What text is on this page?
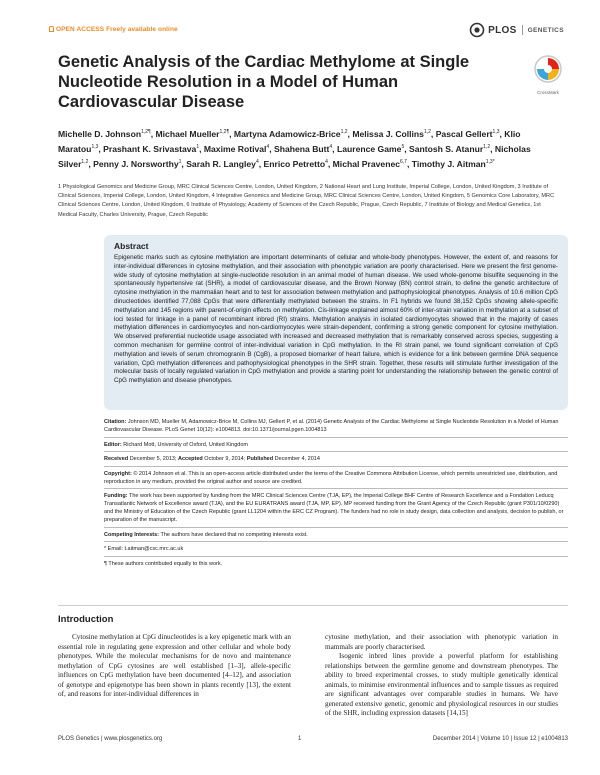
OPEN ACCESS Freely available online	PLOS GENETICS
Genetic Analysis of the Cardiac Methylome at Single Nucleotide Resolution in a Model of Human Cardiovascular Disease
CrossMark
Michelle D. Johnson$^{1,2\P}$, Michael Mueller$^{1,2\P}$, Martyna Adamowicz-Brice$^{1,2}$, Melissa J. Collins$^{1,2}$, Pascal Gellert$^{1,3}$, Klio Maratou$^{1,3}$, Prashant K. Srivastava$^1$, Maxime Rotival$^4$, Shahena Butt$^4$, Laurence Game$^5$, Santosh S. Atanur$^{1,2}$, Nicholas Silver$^{1,2}$, Penny J. Norsworthy$^1$, Sarah R. Langley$^4$, Enrico Petretto$^4$, Michal Pravenec$^{6,7}$, Timothy J. Aitman$^{1,3*}$
1 Physiological Genomics and Medicine Group, MRC Clinical Sciences Centre, London, United Kingdom, 2 National Heart and Lung Institute, Imperial College, London, United Kingdom, 3 Institute of Clinical Sciences, Imperial College, London, United Kingdom, 4 Integrative Genomics and Medicine Group, MRC Clinical Sciences Centre, London, United Kingdom, 5 Genomics Core Laboratory, MRC Clinical Sciences Centre, London, United Kingdom, 6 Institute of Physiology, Academy of Sciences of the Czech Republic, Prague, Czech Republic, 7 Institute of Biology and Medical Genetics, 1st Medical Faculty, Charles University, Prague, Czech Republic
Abstract
Epigenetic marks such as cytosine methylation are important determinants of cellular and whole-body phenotypes. However, the extent of, and reasons for inter-individual differences in cytosine methylation, and their association with phenotypic variation are poorly characterised. Here we present the first genome-wide study of cytosine methylation at single-nucleotide resolution in an animal model of human disease. We used whole-genome bisulfite sequencing in the spontaneously hypertensive rat (SHR), a model of cardiovascular disease, and the Brown Norway (BN) control strain, to define the genetic architecture of cytosine methylation in the mammalian heart and to test for association between methylation and pathophysiological phenotypes. Analysis of 10.6 million CpG dinucleotides identified 77,088 CpGs that were differentially methylated between the strains. In F1 hybrids we found 38,152 CpGs showing allele-specific methylation and 145 regions with parent-of-origin effects on methylation. Cis-linkage explained almost 60% of inter-strain variation in methylation at a subset of loci tested for linkage in a panel of recombinant inbred (RI) strains. Methylation analysis in isolated cardiomyocytes showed that in the majority of cases methylation differences in cardiomyocytes and non-cardiomyocytes were strain-dependent, confirming a strong genetic component for cytosine methylation. We observed preferential nucleotide usage associated with increased and decreased methylation that is remarkably conserved across species, suggesting a common mechanism for germline control of inter-individual variation in CpG methylation. In the RI strain panel, we found significant correlation of CpG methylation and levels of serum chromogranin B (CgB), a proposed biomarker of heart failure, which is evidence for a link between germline DNA sequence variation, CpG methylation differences and pathophysiological phenotypes in the SHR strain. Together, these results will stimulate further investigation of the molecular basis of locally regulated variation in CpG methylation and provide a starting point for understanding the relationship between the genetic control of CpG methylation and disease phenotypes.

Citation: Johnson MD, Mueller M, Adamowicz-Brice M, Collins MJ, Gellert P, et al. (2014) Genetic Analysis of the Cardiac Methylome at Single Nucleotide Resolution in a Model of Human Cardiovascular Disease. PLoS Genet 10(12): e1004813. doi:10.1371/journal.pgen.1004813

Editor: Richard Mott, University of Oxford, United Kingdom

Received December 5, 2013; Accepted October 9, 2014; Published December 4, 2014

Copyright: © 2014 Johnson et al. This is an open-access article distributed under the terms of the Creative Commons Attribution License, which permits unrestricted use, distribution, and reproduction in any medium, provided the original author and source are credited.

Funding: The work has been supported by funding from the MRC Clinical Sciences Centre (TJA, EP), the Imperial College BHF Centre of Research Excellence and a Fondation Leducq Transatlantic Network of Excellence award (TJA), and the EU EURATRANS award (TJA, MP, EP). MP received funding from the Grant Agency of the Czech Republic (grant P301/10/0290) and the Ministry of Education of the Czech Republic (grant LL1204 within the ERC CZ Program). The funders had no role in study design, data collection and analysis, decision to publish, or preparation of the manuscript.

Competing Interests: The authors have declared that no competing interests exist.

* Email: t.aitman@csc.mrc.ac.uk

¶ These authors contributed equally to this work.

Introduction
Cytosine methylation at CpG dinucleotides is a key epigenetic mark with an essential role in regulating gene expression and other cellular and whole body phenotypes. While the molecular mechanisms for de novo and maintenance methylation of CpG cytosines are well established [1–3], allele-specific influences on CpG methylation have been documented [4–12], and association of genotype and epigenotype has been shown in plants recently [13], the extent of, and reasons for inter-individual differences in

cytosine methylation, and their association with phenotypic variation in mammals are poorly characterised.

Isogenic inbred lines provide a powerful platform for establishing relationships between the germline genome and downstream phenotypes. The ability to breed experimental crosses, to study multiple genetically identical animals, to minimise environmental influences and to sample tissues as required are significant advantages over comparable studies in humans. We have generated extensive genetic, genomic and physiological resources in our studies of the SHR, including expression datasets [14,15]

PLOS Genetics | www.plosgenetics.org	1	December 2014 | Volume 10 | Issue 12 | e1004813
